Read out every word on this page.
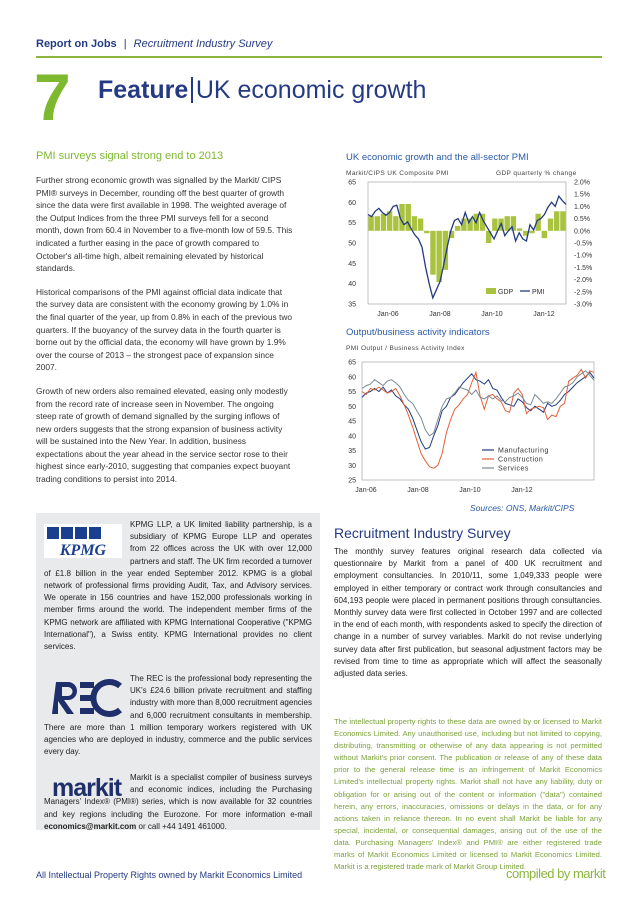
Report on Jobs | Recruitment Industry Survey
7 Feature UK economic growth
PMI surveys signal strong end to 2013

Further strong economic growth was signalled by the Markit/ CIPS PMI® surveys in December, rounding off the best quarter of growth since the data were first available in 1998. The weighted average of the Output Indices from the three PMI surveys fell for a second month, down from 60.4 in November to a five-month low of 59.5. This indicated a further easing in the pace of growth compared to October's all-time high, albeit remaining elevated by historical standards.

Historical comparisons of the PMI against official data indicate that the survey data are consistent with the economy growing by 1.0% in the final quarter of the year, up from 0.8% in each of the previous two quarters. If the buoyancy of the survey data in the fourth quarter is borne out by the official data, the economy will have grown by 1.9% over the course of 2013 – the strongest pace of expansion since 2007.

Growth of new orders also remained elevated, easing only modestly from the record rate of increase seen in November. The ongoing steep rate of growth of demand signalled by the surging inflows of new orders suggests that the strong expansion of business activity will be sustained into the New Year. In addition, business expectations about the year ahead in the service sector rose to their highest since early-2010, suggesting that companies expect buoyant trading conditions to persist into 2014.

UK economic growth and the all-sector PMI
Markit/CIPS UK Composite PMI	GDP quarterly % change
65
60
55
50
45
40
35
2.0%
1.5%
1.0%
0.5%
0.0%
-0.5%
-1.0%
-1.5%
-2.0%
-2.5%
-3.0%
Jan-06	Jan-08	Jan-10	Jan-12
GDP	PMI
Output/business activity indicators
PMI Output / Business Activity Index
65
60
55
50
45
40
35
30
25
Jan-06	Jan-08	Jan-10	Jan-12
Manufacturing
Construction
Services
Sources: ONS, Markit/CIPS
KPMG
KPMG LLP, a UK limited liability partnership, is a subsidiary of KPMG Europe LLP and operates from 22 offices across the UK with over 12,000 partners and staff. The UK firm recorded a turnover of £1.8 billion in the year ended September 2012. KPMG is a global network of professional firms providing Audit, Tax, and Advisory services. We operate in 156 countries and have 152,000 professionals working in member firms around the world. The independent member firms of the KPMG network are affiliated with KPMG International Cooperative ("KPMG International"), a Swiss entity. KPMG International provides no client services.
The REC is the professional body representing the UK's £24.6 billion private recruitment and staffing industry with more than 8,000 recruitment agencies and 6,000 recruitment consultants in membership. There are more than 1 million temporary workers registered with UK agencies who are deployed in industry, commerce and the public services every day.
markit	Markit is a specialist compiler of business surveys and economic indices, including the Purchasing Managers' Index® (PMI®) series, which is now available for 32 countries and key regions including the Eurozone. For more information e-mail economics@markit.com or call +44 1491 461000.
Recruitment Industry Survey
The monthly survey features original research data collected via questionnaire by Markit from a panel of 400 UK recruitment and employment consultancies. In 2010/11, some 1,049,333 people were employed in either temporary or contract work through consultancies and 604,193 people were placed in permanent positions through consultancies. Monthly survey data were first collected in October 1997 and are collected in the end of each month, with respondents asked to specify the direction of change in a number of survey variables. Markit do not revise underlying survey data after first publication, but seasonal adjustment factors may be revised from time to time as appropriate which will affect the seasonally adjusted data series.
The intellectual property rights to these data are owned by or licensed to Markit Economics Limited. Any unauthorised use, including but not limited to copying, distributing, transmitting or otherwise of any data appearing is not permitted without Markit's prior consent. The publication or release of any of these data prior to the general release time is an infringement of Markit Economics Limited's intellectual property rights. Markit shall not have any liability, duty or obligation for or arising out of the content or information ("data") contained herein, any errors, inaccuracies, omissions or delays in the data, or for any actions taken in reliance thereon. In no event shall Markit be liable for any special, incidental, or consequential damages, arising out of the use of the data. Purchasing Managers' Index® and PMI® are either registered trade marks of Markit Economics Limited or licensed to Markit Economics Limited. Markit is a registered trade mark of Markit Group Limited.
All Intellectual Property Rights owned by Markit Economics Limited	compiled by markit
